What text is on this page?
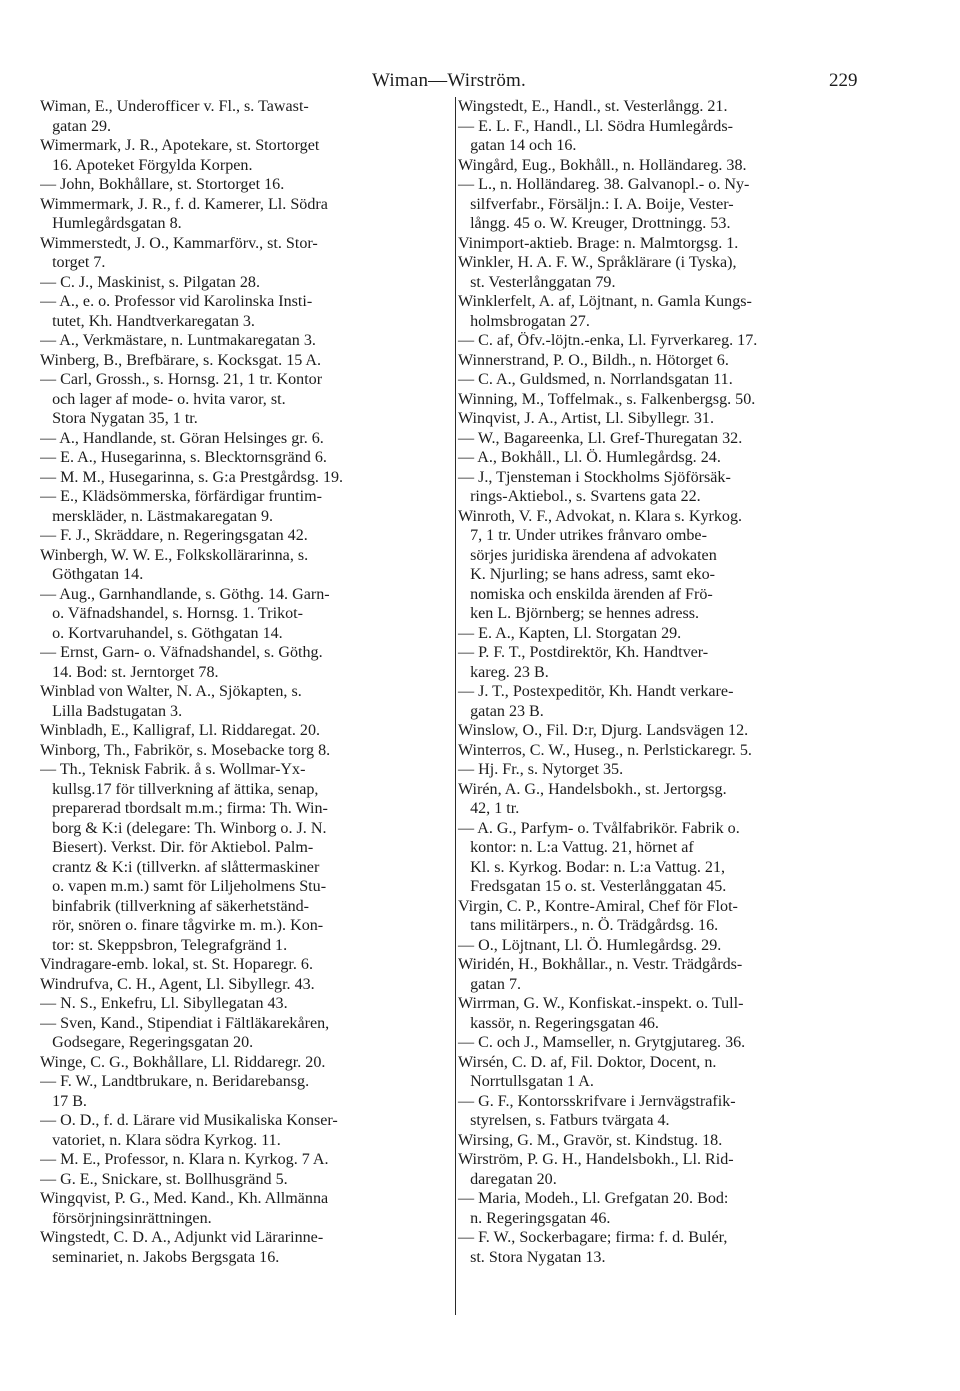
Wiman—Wirström.	229
Wiman, E., Underofficer v. Fl., s. Tawast-
gatan 29.
Wimermark, J. R., Apotekare, st. Stortorget
16. Apoteket Förgylda Korpen.
— John, Bokhållare, st. Stortorget 16.
Wimmermark, J. R., f. d. Kamerer, Ll. Södra
Humlegårdsgatan 8.
Wimmerstedt, J. O., Kammarförv., st. Stor-
torget 7.
— C. J., Maskinist, s. Pilgatan 28.
— A., e. o. Professor vid Karolinska Insti-
tutet, Kh. Handtverkaregatan 3.
— A., Verkmästare, n. Luntmakaregatan 3.
Winberg, B., Brefbärare, s. Kocksgat. 15 A.
— Carl, Grossh., s. Hornsg. 21, 1 tr. Kontor
och lager af mode- o. hvita varor, st.
Stora Nygatan 35, 1 tr.
— A., Handlande, st. Göran Helsinges gr. 6.
— E. A., Husegarinna, s. Blecktornsgränd 6.
— M. M., Husegarinna, s. G:a Prestgårdsg. 19.
— E., Klädsömmerska, förfärdigar fruntim-
merskläder, n. Lästmakaregatan 9.
— F. J., Skräddare, n. Regeringsgatan 42.
Winbergh, W. W. E., Folkskollärarinna, s.
Göthgatan 14.
— Aug., Garnhandlande, s. Göthg. 14. Garn-
o. Väfnadshandel, s. Hornsg. 1. Trikot-
o. Kortvaruhandel, s. Göthgatan 14.
— Ernst, Garn- o. Väfnadshandel, s. Göthg.
14. Bod: st. Jerntorget 78.
Winblad von Walter, N. A., Sjökapten, s.
Lilla Badstugatan 3.
Winbladh, E., Kalligraf, Ll. Riddaregat. 20.
Winborg, Th., Fabrikör, s. Mosebacke torg 8.
— Th., Teknisk Fabrik. å s. Wollmar-Yx-
kullsg.17 för tillverkning af ättika, senap,
preparerad tbordsalt m.m.; firma: Th. Win-
borg & K:i (delegare: Th. Winborg o. J. N.
Biesert). Verkst. Dir. för Aktiebol. Palm-
crantz & K:i (tillverkn. af slåttermaskiner
o. vapen m.m.) samt för Liljeholmens Stu-
binfabrik (tillverkning af säkerhetständ-
rör, snören o. finare tågvirke m. m.). Kon-
tor: st. Skeppsbron, Telegrafgränd 1.
Vindragare-emb. lokal, st. St. Hoparegr. 6.
Windrufva, C. H., Agent, Ll. Sibyllegr. 43.
— N. S., Enkefru, Ll. Sibyllegatan 43.
— Sven, Kand., Stipendiat i Fältläkarekåren,
Godsegare, Regeringsgatan 20.
Winge, C. G., Bokhållare, Ll. Riddaregr. 20.
— F. W., Landtbrukare, n. Beridarebansg.
17 B.
— O. D., f. d. Lärare vid Musikaliska Konser-
vatoriet, n. Klara södra Kyrkog. 11.
— M. E., Professor, n. Klara n. Kyrkog. 7 A.
— G. E., Snickare, st. Bollhusgränd 5.
Wingqvist, P. G., Med. Kand., Kh. Allmänna
försörjningsinrättningen.
Wingstedt, C. D. A., Adjunkt vid Lärarinne-
seminariet, n. Jakobs Bergsgata 16.
Wingstedt, E., Handl., st. Vesterlångg. 21.
— E. L. F., Handl., Ll. Södra Humlegårds-
gatan 14 och 16.
Wingård, Eug., Bokhåll., n. Holländareg. 38.
— L., n. Holländareg. 38. Galvanopl.- o. Ny-
silfverfabr., Försäljn.: I. A. Boije, Vester-
långg. 45 o. W. Kreuger, Drottningg. 53.
Vinimport-aktieb. Brage: n. Malmtorgsg. 1.
Winkler, H. A. F. W., Språklärare (i Tyska),
st. Vesterlånggatan 79.
Winklerfelt, A. af, Löjtnant, n. Gamla Kungs-
holmsbrogatan 27.
— C. af, Öfv.-löjtn.-enka, Ll. Fyrverkareg. 17.
Winnerstrand, P. O., Bildh., n. Hötorget 6.
— C. A., Guldsmed, n. Norrlandsgatan 11.
Winning, M., Toffelmak., s. Falkenbergsg. 50.
Winqvist, J. A., Artist, Ll. Sibyllegr. 31.
— W., Bagareenka, Ll. Gref-Thuregatan 32.
— A., Bokhåll., Ll. Ö. Humlegårdsg. 24.
— J., Tjensteman i Stockholms Sjöförsäk-
rings-Aktiebol., s. Svartens gata 22.
Winroth, V. F., Advokat, n. Klara s. Kyrkog.
7, 1 tr. Under utrikes frånvaro ombe-
sörjes juridiska ärendena af advokaten
K. Njurling; se hans adress, samt eko-
nomiska och enskilda ärenden af Frö-
ken L. Björnberg; se hennes adress.
— E. A., Kapten, Ll. Storgatan 29.
— P. F. T., Postdirektör, Kh. Handtver-
kareg. 23 B.
— J. T., Postexpeditör, Kh. Handt verkare-
gatan 23 B.
Winslow, O., Fil. D:r, Djurg. Landsvägen 12.
Winterros, C. W., Huseg., n. Perlstickaregr. 5.
— Hj. Fr., s. Nytorget 35.
Wirén, A. G., Handelsbokh., st. Jertorgsg.
42, 1 tr.
— A. G., Parfym- o. Tvålfabrikör. Fabrik o.
kontor: n. L:a Vattug. 21, hörnet af
Kl. s. Kyrkog. Bodar: n. L:a Vattug. 21,
Fredsgatan 15 o. st. Vesterlånggatan 45.
Virgin, C. P., Kontre-Amiral, Chef för Flot-
tans militärpers., n. Ö. Trädgårdsg. 16.
— O., Löjtnant, Ll. Ö. Humlegårdsg. 29.
Wiridén, H., Bokhållar., n. Vestr. Trädgårds-
gatan 7.
Wirrman, G. W., Konfiskat.-inspekt. o. Tull-
kassör, n. Regeringsgatan 46.
— C. och J., Mamseller, n. Grytgjutareg. 36.
Wirsén, C. D. af, Fil. Doktor, Docent, n.
Norrtullsgatan 1 A.
— G. F., Kontorsskrifvare i Jernvägstrafik-
styrelsen, s. Fatburs tvärgata 4.
Wirsing, G. M., Gravör, st. Kindstug. 18.
Wirström, P. G. H., Handelsbokh., Ll. Rid-
daregatan 20.
— Maria, Modeh., Ll. Grefgatan 20. Bod:
n. Regeringsgatan 46.
— F. W., Sockerbagare; firma: f. d. Bulér,
st. Stora Nygatan 13.
